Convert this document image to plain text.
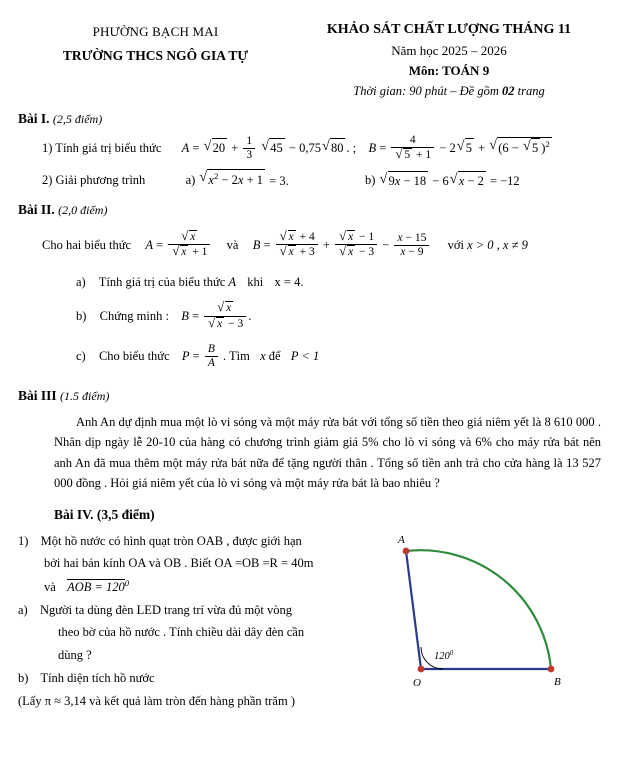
PHƯỜNG BẠCH MAI
TRƯỜNG THCS NGÔ GIA TỰ
KHẢO SÁT CHẤT LƯỢNG THÁNG 11
Năm học 2025 – 2026
Môn: TOÁN 9
Thời gian: 90 phút – Đề gồm 02 trang
Bài I. (2,5 điểm)
1) Tính giá trị biểu thức A = √ $20 + \frac{1}{3}$ √ 45 − 0,75 √ 80 . ; B = 4
√ 5 + 1 − 2 √ 5 + √ (6 − √ 5 )$^2$
2) Giải phương trình	a) √ $x^2 - 2x + 1 = 3$.	b) √ 9x − 18 − 6 √ x − 2 = −12
Bài II. (2,0 điểm)
Cho hai biểu thức A = √ x
√ x + 1 và B = √ x + 4
√ x + 3 + √ x − 1
√ $x - 3 - \frac{x - 15}{x - 9}$ với x > 0 , x ≠ 9
a) Tính giá trị của biểu thức A khi x = 4.
b) Chứng minh : B = √ x
√ x − 3 .
c) Cho biểu thức $P = \frac{B}{A}$ . Tìm x để P < 1
Bài III (1.5 điểm)
Anh An dự định mua một lò vi sóng và một máy rửa bát với tổng số tiền theo giá niêm yết là 8 610 000 . Nhân dịp ngày lễ 20-10 của hàng có chương trình giảm giá 5% cho lò vi sóng và 6% cho máy rửa bát nên anh An đã mua thêm một máy rửa bát nữa để tặng người thân . Tổng số tiền anh trả cho cửa hàng là 13 527 000 đồng . Hỏi giá niêm yết của lò vi sóng và một máy rửa bát là bao nhiêu ?
Bài IV. (3,5 điểm)
1) Một hồ nước có hình quạt tròn OAB , được giới hạn
bởi hai bán kính OA và OB . Biết OA =OB =R = 40m
và AOB = $120^0$
a) Người ta dùng đèn LED trang trí vừa đủ một vòng
theo bờ của hồ nước . Tính chiều dài dây đèn cần
dùng ?
b) Tính diện tích hồ nước
(Lấy π ≈ 3,14 và kết quả làm tròn đến hàng phần trăm )
A
O	B
$120^0$
